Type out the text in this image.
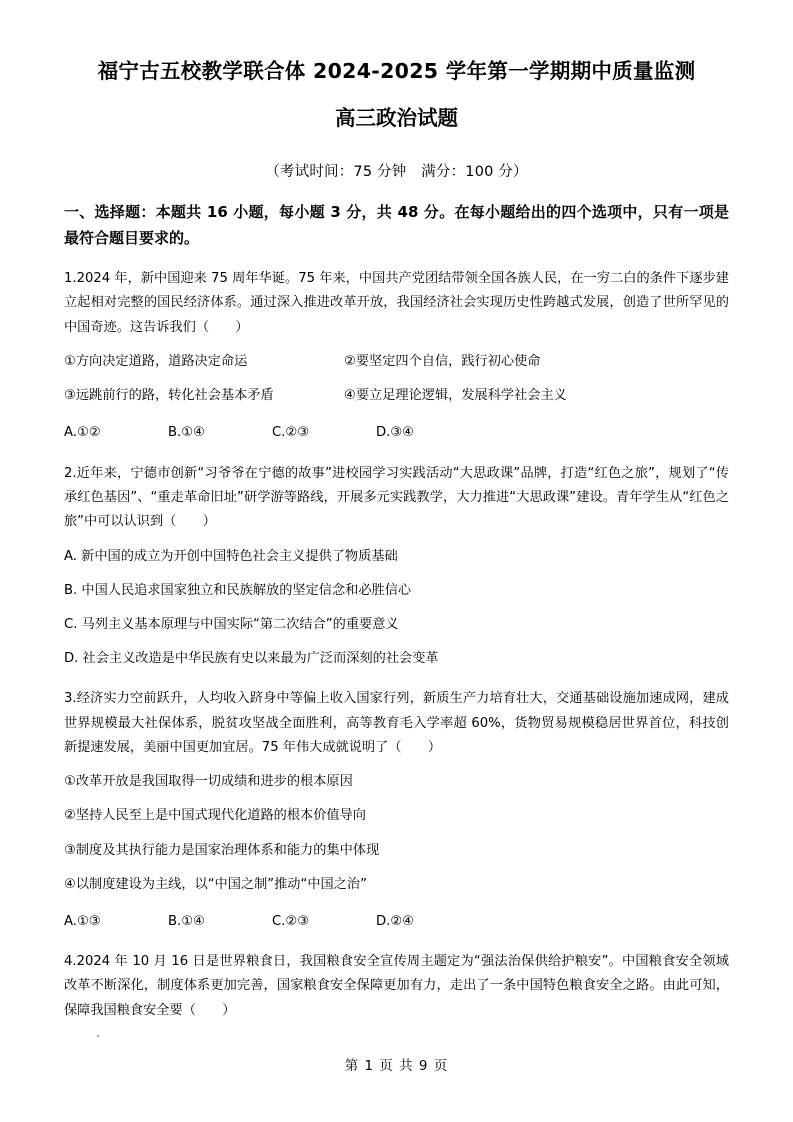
福宁古五校教学联合体 2024-2025 学年第一学期期中质量监测
高三政治试题
（考试时间：75 分钟　满分：100 分）
一、选择题：本题共 16 小题，每小题 3 分，共 48 分。在每小题给出的四个选项中，只有一项是最符合题目要求的。
1.2024 年，新中国迎来 75 周年华诞。75 年来，中国共产党团结带领全国各族人民，在一穷二白的条件下逐步建立起相对完整的国民经济体系。通过深入推进改革开放，我国经济社会实现历史性跨越式发展，创造了世所罕见的中国奇迹。这告诉我们（　　）
①方向决定道路，道路决定命运	②要坚定四个自信，践行初心使命
③远跳前行的路，转化社会基本矛盾	④要立足理论逻辑，发展科学社会主义
A.①②	B.①④	C.②③	D.③④
2.近年来，宁德市创新“习爷爷在宁德的故事”进校园学习实践活动“大思政课”品牌，打造“红色之旅”，规划了“传承红色基因”、“重走革命旧址”研学游等路线，开展多元实践教学，大力推进“大思政课”建设。青年学生从“红色之旅”中可以认识到（　　）
A. 新中国的成立为开创中国特色社会主义提供了物质基础
B. 中国人民追求国家独立和民族解放的坚定信念和必胜信心
C. 马列主义基本原理与中国实际“第二次结合”的重要意义
D. 社会主义改造是中华民族有史以来最为广泛而深刻的社会变革
3.经济实力空前跃升，人均收入跻身中等偏上收入国家行列，新质生产力培育壮大，交通基础设施加速成网，建成世界规模最大社保体系，脱贫攻坚战全面胜利，高等教育毛入学率超 60%，货物贸易规模稳居世界首位，科技创新提速发展，美丽中国更加宜居。75 年伟大成就说明了（　　）
①改革开放是我国取得一切成绩和进步的根本原因
②坚持人民至上是中国式现代化道路的根本价值导向
③制度及其执行能力是国家治理体系和能力的集中体现
④以制度建设为主线，以“中国之制”推动“中国之治”
A.①③	B.①④	C.②③	D.②④
4.2024 年 10 月 16 日是世界粮食日，我国粮食安全宣传周主题定为“强法治保供给护粮安”。中国粮食安全领域改革不断深化，制度体系更加完善，国家粮食安全保障更加有力，走出了一条中国特色粮食安全之路。由此可知，保障我国粮食安全要（　　）
.
第 1 页 共 9 页
